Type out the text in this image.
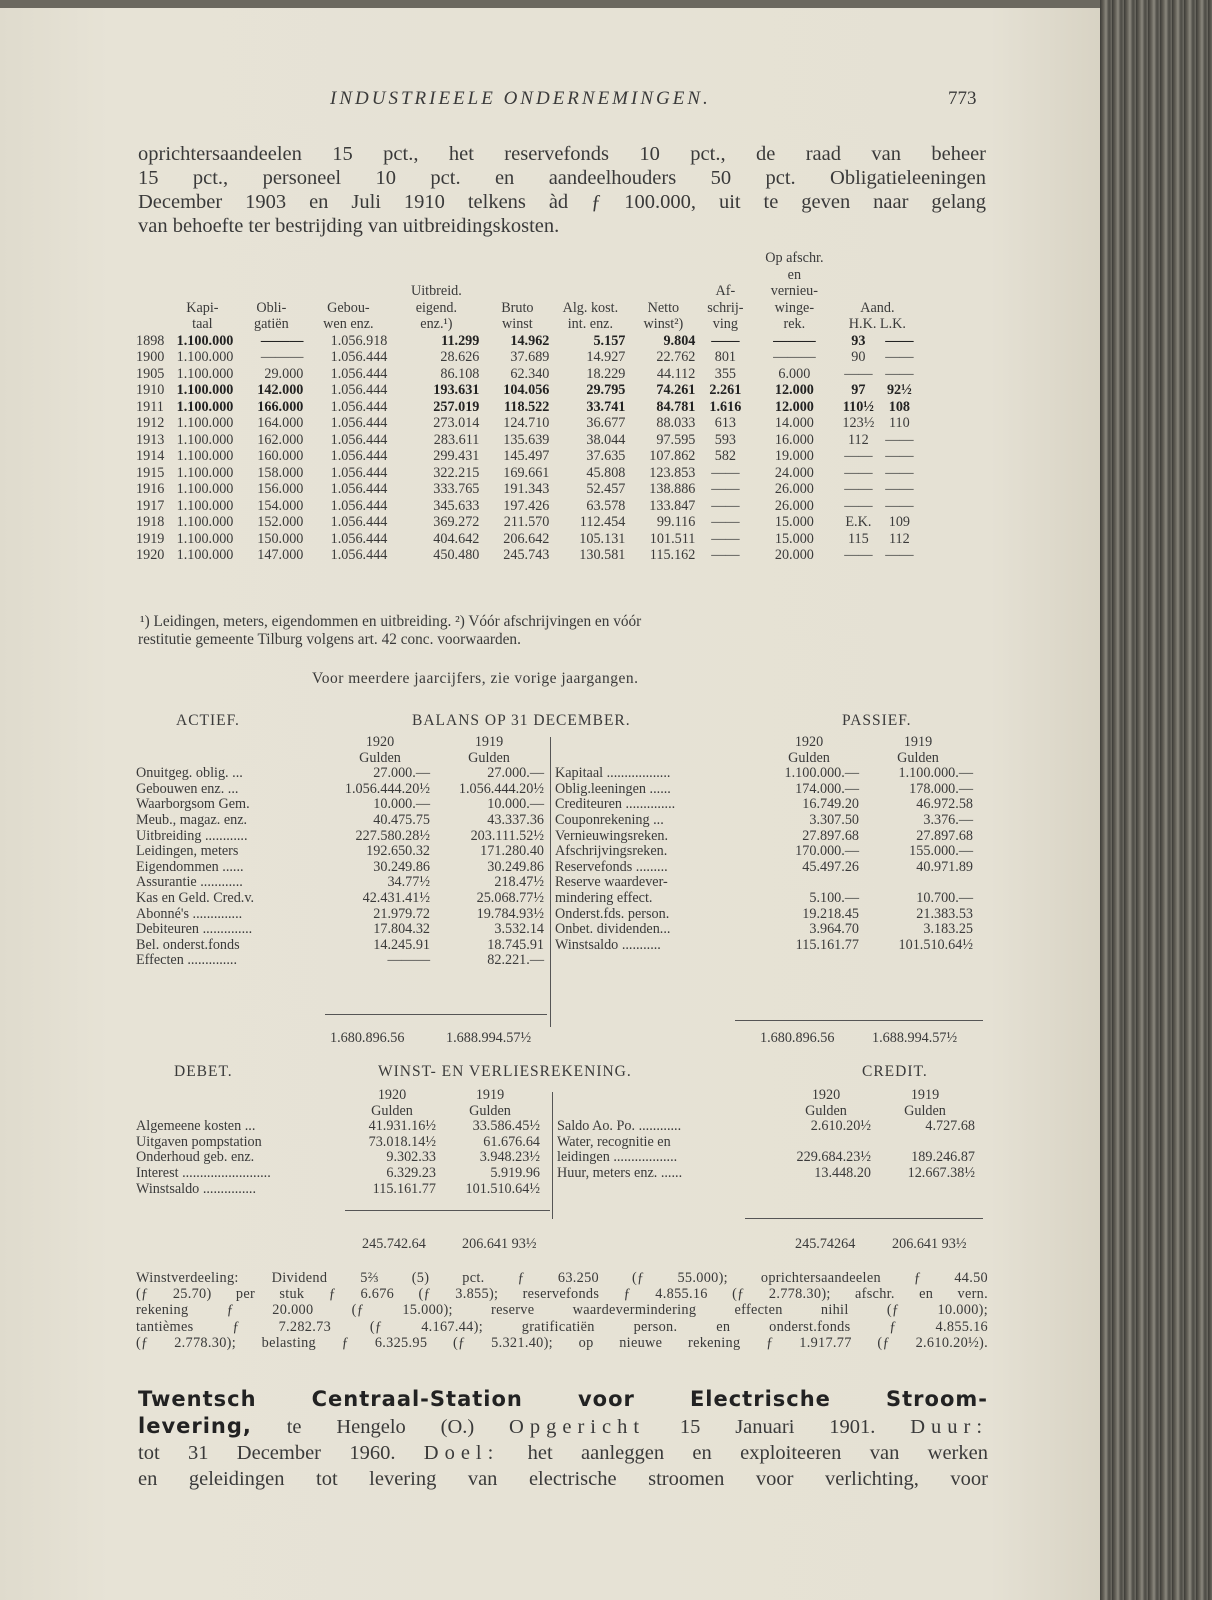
INDUSTRIEELE ONDERNEMINGEN.	773
oprichtersaandeelen 15 pct., het reservefonds 10 pct., de raad van beheer
15 pct., personeel 10 pct. en aandeelhouders 50 pct. Obligatieleeningen
December 1903 en Juli 1910 telkens àd ƒ 100.000, uit te geven naar gelang
van behoefte ter bestrijding van uitbreidingskosten.
									Op afschr.		
									en		
				Uitbreid.				Af-	vernieu-		
	Kapi-	Obli-	Gebou-	eigend.	Bruto	Alg. kost.	Netto	schrij-	winge-	Aand.	
	taal	gatiën	wen enz.	enz.¹)	winst	int. enz.	winst²)	ving	rek.	H.K. L.K.	
1898	1.100.000	———	1.056.918	11.299	14.962	5.157	9.804	——	———	93	——
1900	1.100.000	———	1.056.444	28.626	37.689	14.927	22.762	801	———	90	——
1905	1.100.000	29.000	1.056.444	86.108	62.340	18.229	44.112	355	6.000	——	——
1910	1.100.000	142.000	1.056.444	193.631	104.056	29.795	74.261	2.261	12.000	97	92½
1911	1.100.000	166.000	1.056.444	257.019	118.522	33.741	84.781	1.616	12.000	110½	108
1912	1.100.000	164.000	1.056.444	273.014	124.710	36.677	88.033	613	14.000	123½	110
1913	1.100.000	162.000	1.056.444	283.611	135.639	38.044	97.595	593	16.000	112	——
1914	1.100.000	160.000	1.056.444	299.431	145.497	37.635	107.862	582	19.000	——	——
1915	1.100.000	158.000	1.056.444	322.215	169.661	45.808	123.853	——	24.000	——	——
1916	1.100.000	156.000	1.056.444	333.765	191.343	52.457	138.886	——	26.000	——	——
1917	1.100.000	154.000	1.056.444	345.633	197.426	63.578	133.847	——	26.000	——	——
1918	1.100.000	152.000	1.056.444	369.272	211.570	112.454	99.116	——	15.000	E.K.	109
1919	1.100.000	150.000	1.056.444	404.642	206.642	105.131	101.511	——	15.000	115	112
1920	1.100.000	147.000	1.056.444	450.480	245.743	130.581	115.162	——	20.000	——	——
¹) Leidingen, meters, eigendommen en uitbreiding. ²) Vóór afschrijvingen en vóór
restitutie gemeente Tilburg volgens art. 42 conc. voorwaarden.
Voor meerdere jaarcijfers, zie vorige jaargangen.
ACTIEF.	BALANS OP 31 DECEMBER.	PASSIEF.
	1920	1919
	Gulden	Gulden
Onuitgeg. oblig. ...	27.000.—	27.000.—
Gebouwen enz. ...	1.056.444.20½	1.056.444.20½
Waarborgsom Gem.	10.000.—	10.000.—
Meub., magaz. enz.	40.475.75	43.337.36
Uitbreiding ............	227.580.28½	203.111.52½
Leidingen, meters	192.650.32	171.280.40
Eigendommen ......	30.249.86	30.249.86
Assurantie ............	34.77½	218.47½
Kas en Geld. Cred.v.	42.431.41½	25.068.77½
Abonné's ..............	21.979.72	19.784.93½
Debiteuren ..............	17.804.32	3.532.14
Bel. onderst.fonds	14.245.91	18.745.91
Effecten ..............	———	82.221.—
	1920	1919
	Gulden	Gulden
Kapitaal ..................	1.100.000.—	1.100.000.—
Oblig.leeningen ......	174.000.—	178.000.—
Crediteuren ..............	16.749.20	46.972.58
Couponrekening ...	3.307.50	3.376.—
Vernieuwingsreken.	27.897.68	27.897.68
Afschrijvingsreken.	170.000.—	155.000.—
Reservefonds .........	45.497.26	40.971.89
Reserve waardever-		
mindering effect.	5.100.—	10.700.—
Onderst.fds. person.	19.218.45	21.383.53
Onbet. dividenden...	3.964.70	3.183.25
Winstsaldo ...........	115.161.77	101.510.64½
1.680.896.56	1.688.994.57½	1.680.896.56	1.688.994.57½
DEBET.	WINST- EN VERLIESREKENING.	CREDIT.
	1920	1919
	Gulden	Gulden
Algemeene kosten ...	41.931.16½	33.586.45½
Uitgaven pompstation	73.018.14½	61.676.64
Onderhoud geb. enz.	9.302.33	3.948.23½
Interest .........................	6.329.23	5.919.96
Winstsaldo ...............	115.161.77	101.510.64½
	1920	1919
	Gulden	Gulden
Saldo Ao. Po. ............	2.610.20½	4.727.68
Water, recognitie en		
leidingen ..................	229.684.23½	189.246.87
Huur, meters enz. ......	13.448.20	12.667.38½
245.742.64	206.641 93½	245.74264	206.641 93½
Winstverdeeling: Dividend 5⅔ (5) pct. ƒ 63.250 (ƒ 55.000); oprichtersaandeelen ƒ 44.50
(ƒ 25.70) per stuk ƒ 6.676 (ƒ 3.855); reservefonds ƒ 4.855.16 (ƒ 2.778.30); afschr. en vern.
rekening ƒ 20.000 (ƒ 15.000); reserve waardevermindering effecten nihil (ƒ 10.000);
tantièmes ƒ 7.282.73 (ƒ 4.167.44); gratificatiën person. en onderst.fonds ƒ 4.855.16
(ƒ 2.778.30); belasting ƒ 6.325.95 (ƒ 5.321.40); op nieuwe rekening ƒ 1.917.77 (ƒ 2.610.20½).
Twentsch Centraal-Station voor Electrische Stroom-
levering, te Hengelo (O.) Opgericht 15 Januari 1901. Duur:
tot 31 December 1960. Doel: het aanleggen en exploiteeren van werken
en geleidingen tot levering van electrische stroomen voor verlichting, voor
